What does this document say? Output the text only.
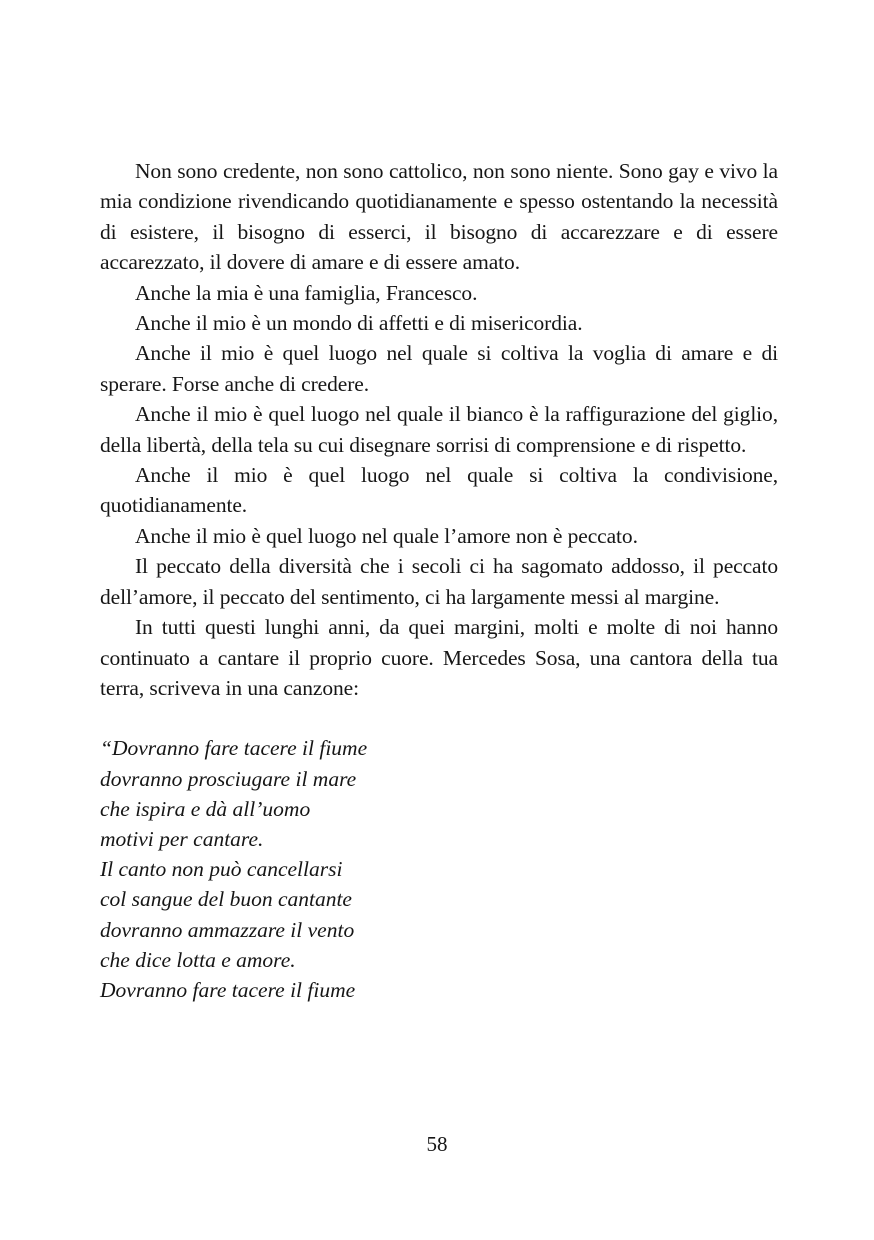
Non sono credente, non sono cattolico, non sono niente. Sono gay e vivo la mia condizione rivendicando quotidianamente e spesso ostentando la necessità di esistere, il bisogno di esserci, il bisogno di accarezzare e di essere accarezzato, il dovere di amare e di essere amato.

Anche la mia è una famiglia, Francesco.

Anche il mio è un mondo di affetti e di misericordia.

Anche il mio è quel luogo nel quale si coltiva la voglia di amare e di sperare. Forse anche di credere.

Anche il mio è quel luogo nel quale il bianco è la raffigurazione del giglio, della libertà, della tela su cui disegnare sorrisi di comprensione e di rispetto.

Anche il mio è quel luogo nel quale si coltiva la condivisione, quotidianamente.

Anche il mio è quel luogo nel quale l’amore non è peccato.

Il peccato della diversità che i secoli ci ha sagomato addosso, il peccato dell’amore, il peccato del sentimento, ci ha largamente messi al margine.

In tutti questi lunghi anni, da quei margini, molti e molte di noi hanno continuato a cantare il proprio cuore. Mercedes Sosa, una cantora della tua terra, scriveva in una canzone:

“Dovranno fare tacere il fiume
dovranno prosciugare il mare
che ispira e dà all’uomo
motivi per cantare.
Il canto non può cancellarsi
col sangue del buon cantante
dovranno ammazzare il vento
che dice lotta e amore.
Dovranno fare tacere il fiume
58
